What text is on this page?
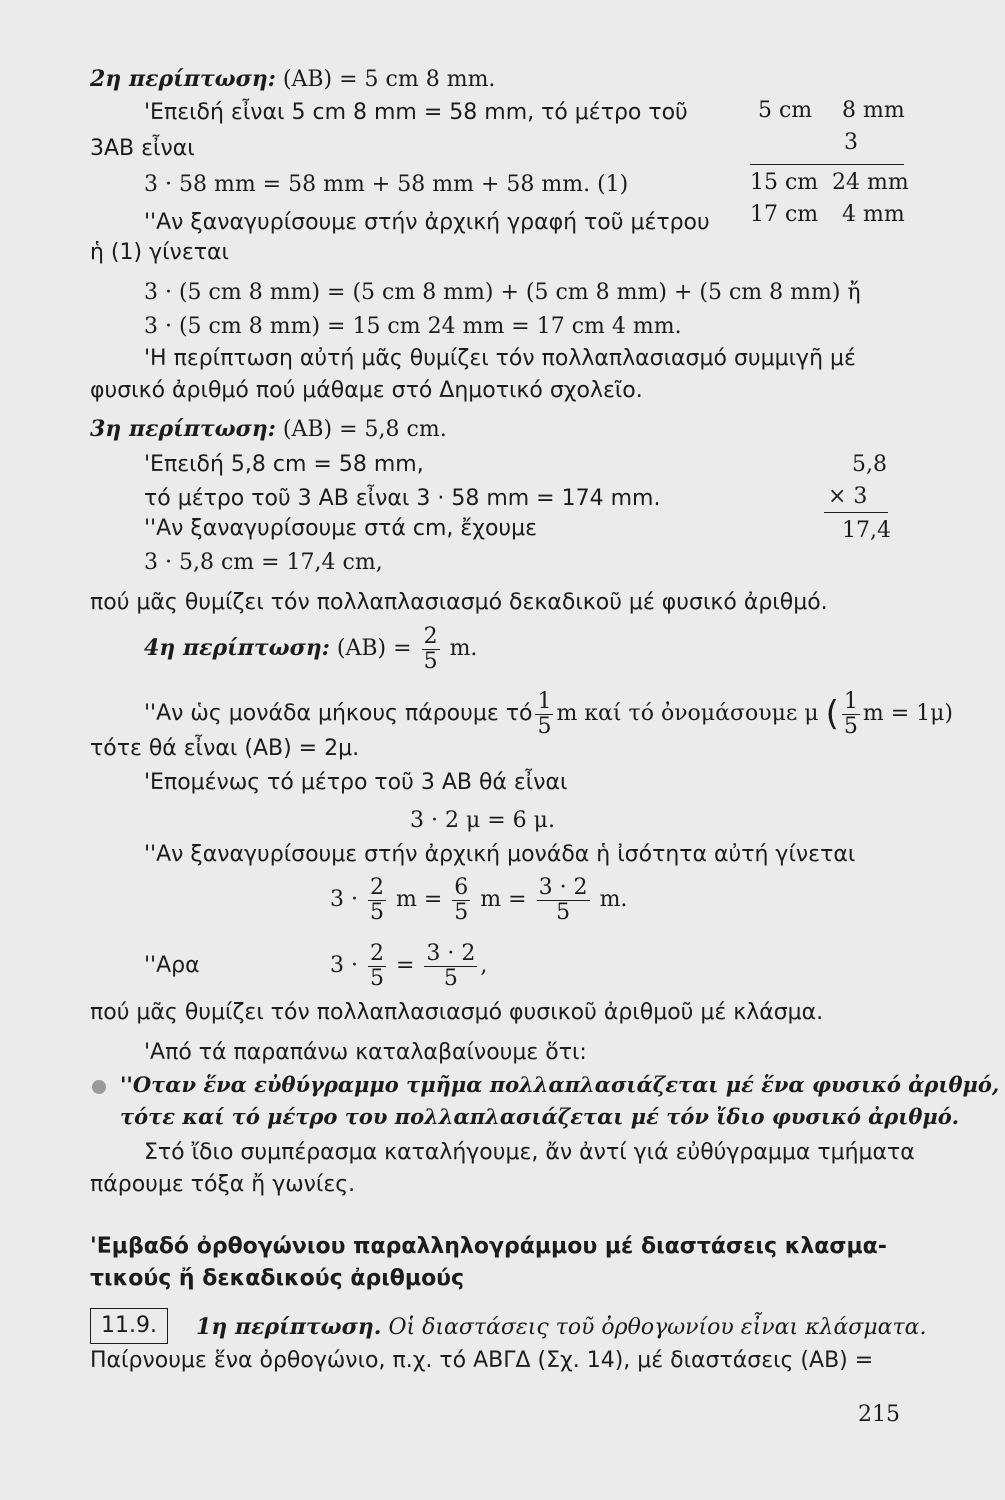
2η περίπτωση: (AB) = 5 cm 8 mm.
'Επειδή εἶναι 5 cm 8 mm = 58 mm, τό μέτρο τοῦ
3AB εἶναι
3 · 58 mm = 58 mm + 58 mm + 58 mm. (1)
''Αν ξαναγυρίσουμε στήν ἀρχική γραφή τοῦ μέτρου
ἡ (1) γίνεται
3 · (5 cm 8 mm) = (5 cm 8 mm) + (5 cm 8 mm) + (5 cm 8 mm) ἤ
3 · (5 cm 8 mm) = 15 cm 24 mm = 17 cm 4 mm.
'Η περίπτωση αὐτή μᾶς θυμίζει τόν πολλαπλασιασμό συμμιγῆ μέ
φυσικό ἀριθμό πού μάθαμε στό Δημοτικό σχολεῖο.
5 cm 8 mm
3
15 cm 24 mm
17 cm 4 mm
3η περίπτωση: (AB) = 5,8 cm.
'Επειδή 5,8 cm = 58 mm,
τό μέτρο τοῦ 3 AB εἶναι 3 · 58 mm = 174 mm.
''Αν ξαναγυρίσουμε στά cm, ἔχουμε
3 · 5,8 cm = 17,4 cm,
πού μᾶς θυμίζει τόν πολλαπλασιασμό δεκαδικοῦ μέ φυσικό ἀριθμό.
5,8
× 3
17,4
4η περίπτωση: $(AB) = \frac{2}{5} m$.
''Αν ὡς μονάδα μήκους πάρουμε τό $\frac{1}{5}$ m καί τό ὀνομάσουμε μ ( $\frac{1}{5}$ m = 1μ)
τότε θά εἶναι (AB) = 2μ.
'Επομένως τό μέτρο τοῦ 3 AB θά εἶναι
3 · 2 μ = 6 μ.
''Αν ξαναγυρίσουμε στήν ἀρχική μονάδα ἡ ἰσότητα αὐτή γίνεται
$3 \cdot \frac{2}{5}$ $m = \frac{6}{5}$ $m = \frac{3 \cdot 2}{5} m$.
''Αρα	$3 \cdot \frac{2}{5} = \frac{3 \cdot 2}{5}$ ,
πού μᾶς θυμίζει τόν πολλαπλασιασμό φυσικοῦ ἀριθμοῦ μέ κλάσμα.
'Από τά παραπάνω καταλαβαίνουμε ὅτι:
''Οταν ἕνα εὐθύγραμμο τμῆμα πολλαπλασιάζεται μέ ἕνα φυσικό ἀριθμό,
τότε καί τό μέτρο του πολλαπλασιάζεται μέ τόν ἴδιο φυσικό ἀριθμό.
Στό ἴδιο συμπέρασμα καταλήγουμε, ἄν ἀντί γιά εὐθύγραμμα τμήματα
πάρουμε τόξα ἤ γωνίες.
'Εμβαδό ὀρθογώνιου παραλληλογράμμου μέ διαστάσεις κλασμα-
τικούς ἤ δεκαδικούς ἀριθμούς
11.9.	1η περίπτωση. Οἱ διαστάσεις τοῦ ὀρθογωνίου εἶναι κλάσματα.
Παίρνουμε ἕνα ὀρθογώνιο, π.χ. τό ΑΒΓΔ (Σχ. 14), μέ διαστάσεις (AB) =
215
